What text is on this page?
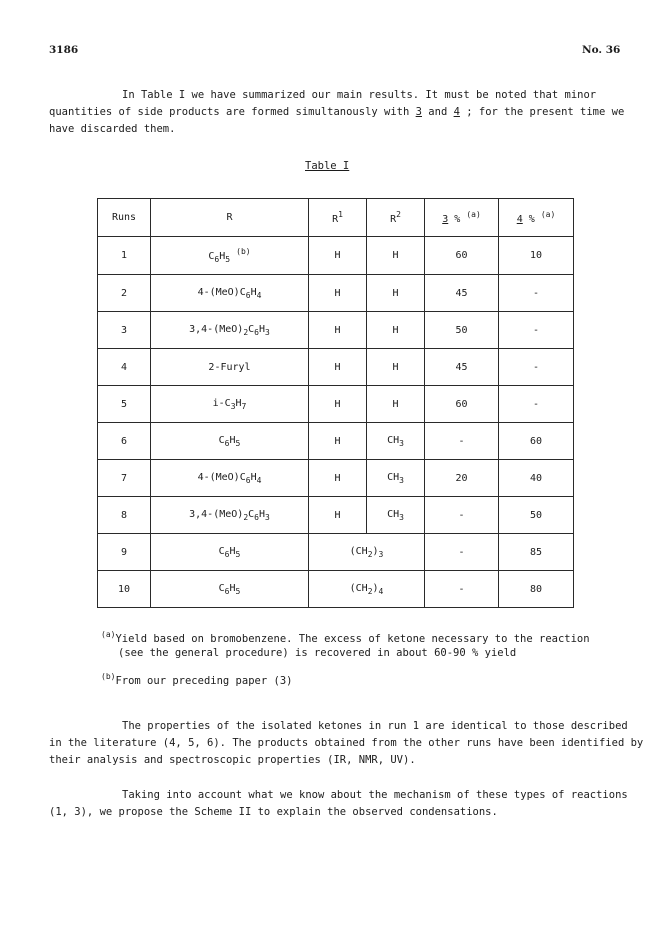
3186	No. 36
In Table I we have summarized our main results. It must be noted that minor
quantities of side products are formed simultanously with 3 and 4 ; for the present time we
have discarded them.
Table I
Runs	R	$R^1$	$R^2$	3 % $^{(a)}$	4 % $^{(a)}$
1	$C_6H_5$ $^{(b)}$	H	H	60	10
2	$4-(MeO)C_6H_4$	H	H	45	-
3	$3,4-(MeO)_2C_6H_3$	H	H	50	-
4	2-Furyl	H	H	45	-
5	$i-C_3H_7$	H	H	60	-
6	$C_6H_5$	H	$CH_3$	-	60
7	$4-(MeO)C_6H_4$	H	$CH_3$	20	40
8	$3,4-(MeO)_2C_6H_3$	H	$CH_3$	-	50
9	$C_6H_5$	$(CH_2)_3$		-	85
10	$C_6H_5$	$(CH_2)_4$		-	80
$^{(a)}$Yield based on bromobenzene. The excess of ketone necessary to the reaction
(see the general procedure) is recovered in about 60-90 % yield
$^{(b)}$From our preceding paper (3)
The properties of the isolated ketones in run 1 are identical to those described
in the literature (4, 5, 6). The products obtained from the other runs have been identified by
their analysis and spectroscopic properties (IR, NMR, UV).
Taking into account what we know about the mechanism of these types of reactions
(1, 3), we propose the Scheme II to explain the observed condensations.
